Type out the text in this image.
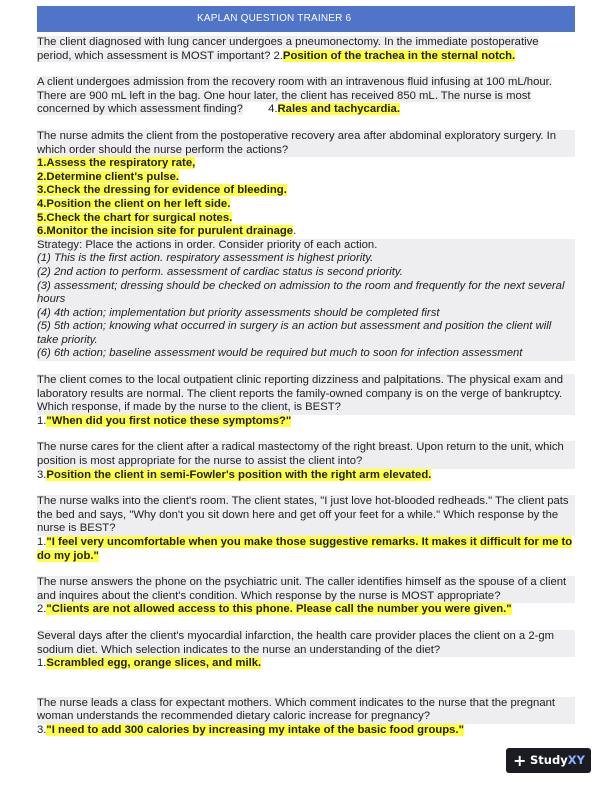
KAPLAN QUESTION TRAINER 6

The client diagnosed with lung cancer undergoes a pneumonectomy. In the immediate postoperative period, which assessment is MOST important? 2.Position of the trachea in the sternal notch.

A client undergoes admission from the recovery room with an intravenous fluid infusing at 100 mL/hour. There are 900 mL left in the bag. One hour later, the client has received 850 mL. The nurse is most concerned by which assessment finding? 4.Rales and tachycardia.

The nurse admits the client from the postoperative recovery area after abdominal exploratory surgery. In which order should the nurse perform the actions?

1.Assess the respiratory rate,

2.Determine client's pulse.

3.Check the dressing for evidence of bleeding.

4.Position the client on her left side.

5.Check the chart for surgical notes.

6.Monitor the incision site for purulent drainage.

Strategy: Place the actions in order. Consider priority of each action.

(1) This is the first action. respiratory assessment is highest priority.

(2) 2nd action to perform. assessment of cardiac status is second priority.

(3) assessment; dressing should be checked on admission to the room and frequently for the next several hours

(4) 4th action; implementation but priority assessments should be completed first

(5) 5th action; knowing what occurred in surgery is an action but assessment and position the client will take priority.

(6) 6th action; baseline assessment would be required but much to soon for infection assessment

The client comes to the local outpatient clinic reporting dizziness and palpitations. The physical exam and laboratory results are normal. The client reports the family-owned company is on the verge of bankruptcy. Which response, if made by the nurse to the client, is BEST?

1."When did you first notice these symptoms?"

The nurse cares for the client after a radical mastectomy of the right breast. Upon return to the unit, which position is most appropriate for the nurse to assist the client into?

3.Position the client in semi-Fowler's position with the right arm elevated.

The nurse walks into the client's room. The client states, "I just love hot-blooded redheads." The client pats the bed and says, "Why don't you sit down here and get off your feet for a while." Which response by the nurse is BEST?

1."I feel very uncomfortable when you make those suggestive remarks. It makes it difficult for me to do my job."

The nurse answers the phone on the psychiatric unit. The caller identifies himself as the spouse of a client and inquires about the client's condition. Which response by the nurse is MOST appropriate?

2."Clients are not allowed access to this phone. Please call the number you were given."

Several days after the client's myocardial infarction, the health care provider places the client on a 2-gm sodium diet. Which selection indicates to the nurse an understanding of the diet?

1.Scrambled egg, orange slices, and milk.

The nurse leads a class for expectant mothers. Which comment indicates to the nurse that the pregnant woman understands the recommended dietary caloric increase for pregnancy?

3."I need to add 300 calories by increasing my intake of the basic food groups."

+ StudyXY
